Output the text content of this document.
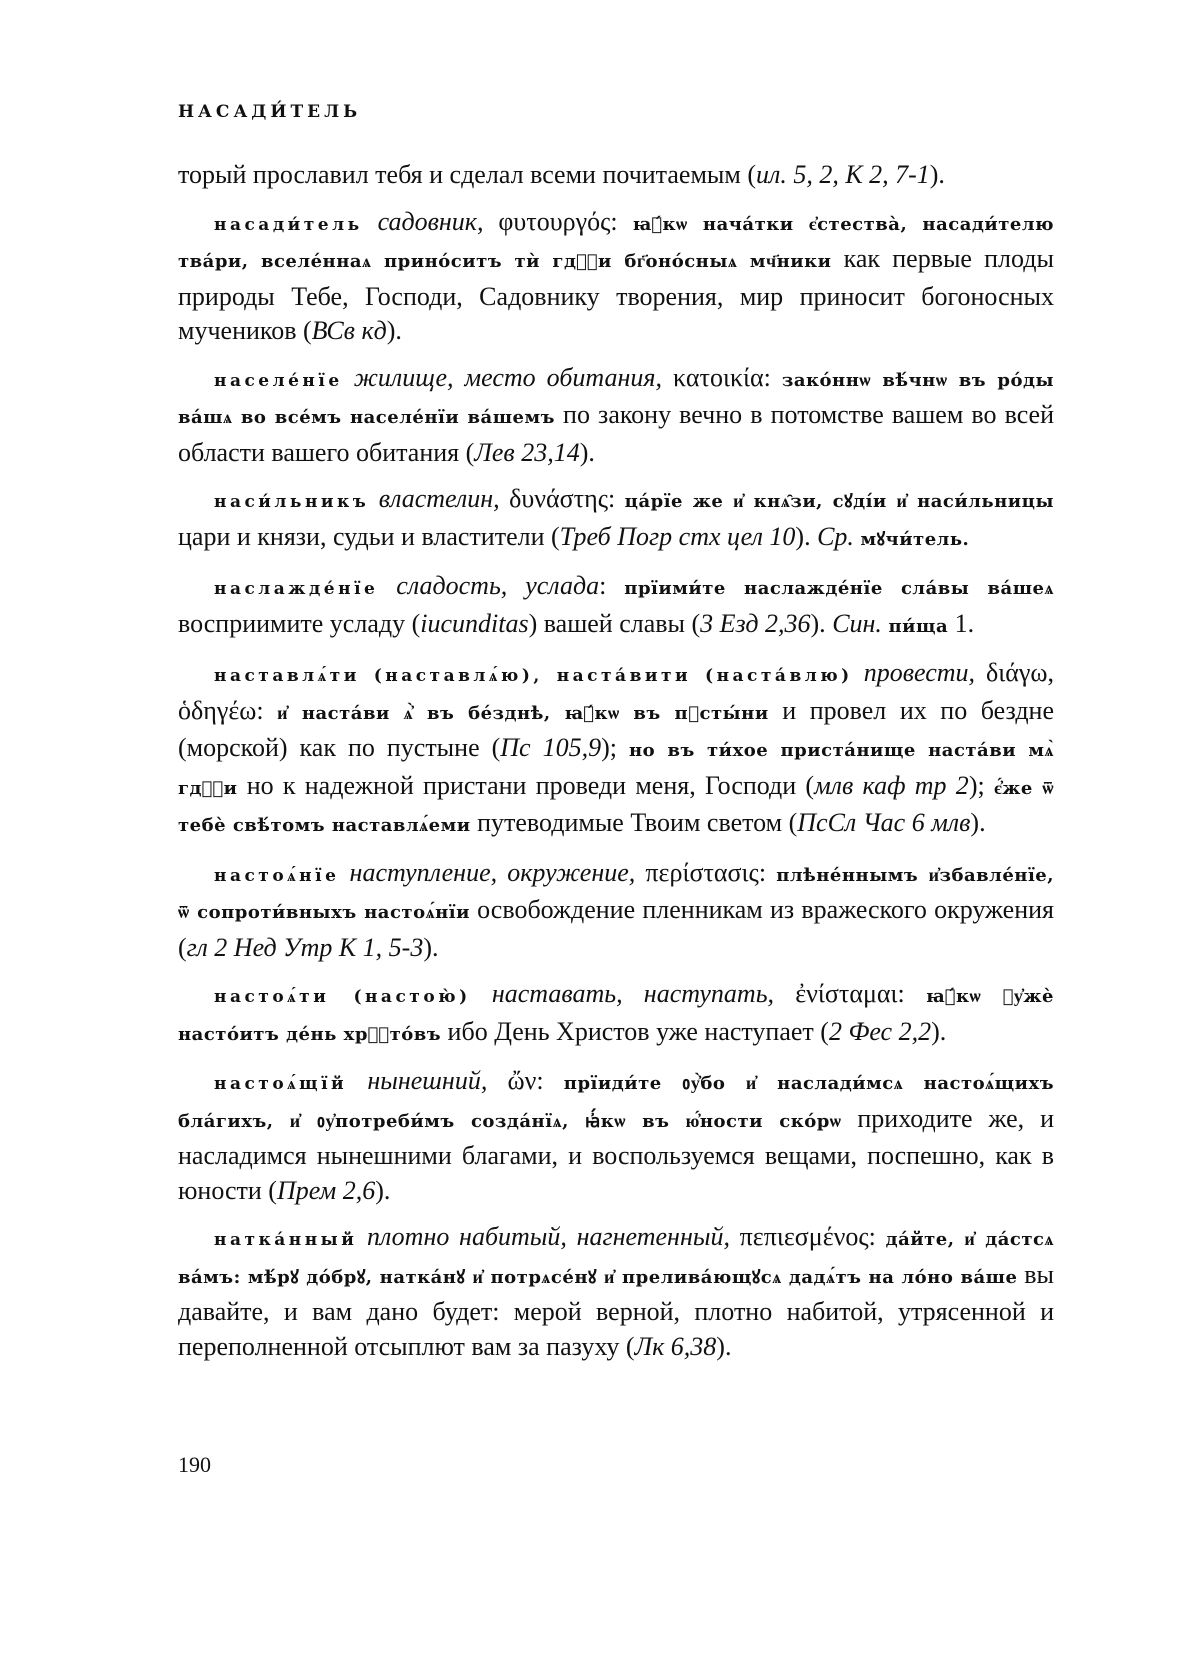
НАСАДИ́ТЕЛЬ

торый прославил тебя и сделал всеми почитаемым (ил. 5, 2, К 2, 7-1).

насади́тель садовник, φυτουργός: ꙗ҆́кѡ нача́тки є҆стества̀, насади́телю тва́ри, вселе́ннаѧ прино́ситъ тѝ гдⷭ҇и бг҃оно́сныѧ мч҃ники как первые плоды природы Тебе, Господи, Садовнику творения, мир приносит богоносных мучеников (ВСв кд).

населе́нїе жилище, место обитания, κατοικία: зако́ннѡ вѣ́чнѡ въ ро́ды ва́шѧ во все́мъ населе́нїи ва́шемъ по закону вечно в потомстве вашем во всей области вашего обитания (Лев 23,14).

наси́льникъ властелин, δυνάστης: ца́рїе же и҆ кнѧ̑зи, сꙋді́и и҆ наси́льницы цари и князи, судьи и властители (Треб Погр стх цел 10). Ср. мꙋчи́тель.

наслажде́нїе сладость, услада: прїими́те наслажде́нїе сла́вы ва́шеѧ восприимите усладу (iucunditas) вашей славы (3 Езд 2,36). Син. пи́ща 1.

наставлѧ́ти (наставлѧ́ю), наста́вити (наста́влю) провести, διάγω, ὁδηγέω: и҆ наста́ви ѧ҆̀ въ бе́зднѣ, ꙗ҆́кѡ въ пꙋсты́ни и провел их по бездне (морской) как по пустыне (Пс 105,9); но въ ти́хое приста́нище наста́ви мѧ̀ гдⷭ҇и но к надежной пристани проведи меня, Господи (млв каф тр 2); є҆́же ѿ тебѐ свѣ́томъ наставлѧ́еми путеводимые Твоим светом (ПсСл Час 6 млв).

настоѧ́нїе наступление, окружение, περίστασις: плѣне́ннымъ и҆збавле́нїе, ѿ сопроти́вныхъ настоѧ́нїи освобождение пленникам из вражеского окружения (гл 2 Нед Утр К 1, 5-3).

настоѧ́ти (настою̀) наставать, наступать, ἐνίσταμαι: ꙗ҆́кѡ ᲂу҆жѐ насто́итъ де́нь хрⷭ҇то́въ ибо День Христов уже наступает (2 Фес 2,2).

настоѧ́щїй нынешний, ὤν: прїиди́те ᲂу҆̀бо и҆ наслади́мсѧ настоѧ́щихъ бла́гихъ, и҆ ᲂу҆потреби́мъ созда́нїѧ, ꙗ҆́кѡ въ ю҆́ности ско́рѡ приходите же, и насладимся нынешними благами, и воспользуемся вещами, поспешно, как в юности (Прем 2,6).

натка́нный плотно набитый, нагнетенный, πεπιεσμένος: да́йте, и҆ да́стсѧ ва́мъ: мѣ́рꙋ до́брꙋ, натка́нꙋ и҆ потрѧсе́нꙋ и҆ прелива́ющꙋсѧ дадѧ́тъ на ло́но ва́ше вы давайте, и вам дано будет: мерой верной, плотно набитой, утрясенной и переполненной отсыплют вам за пазуху (Лк 6,38).

190
